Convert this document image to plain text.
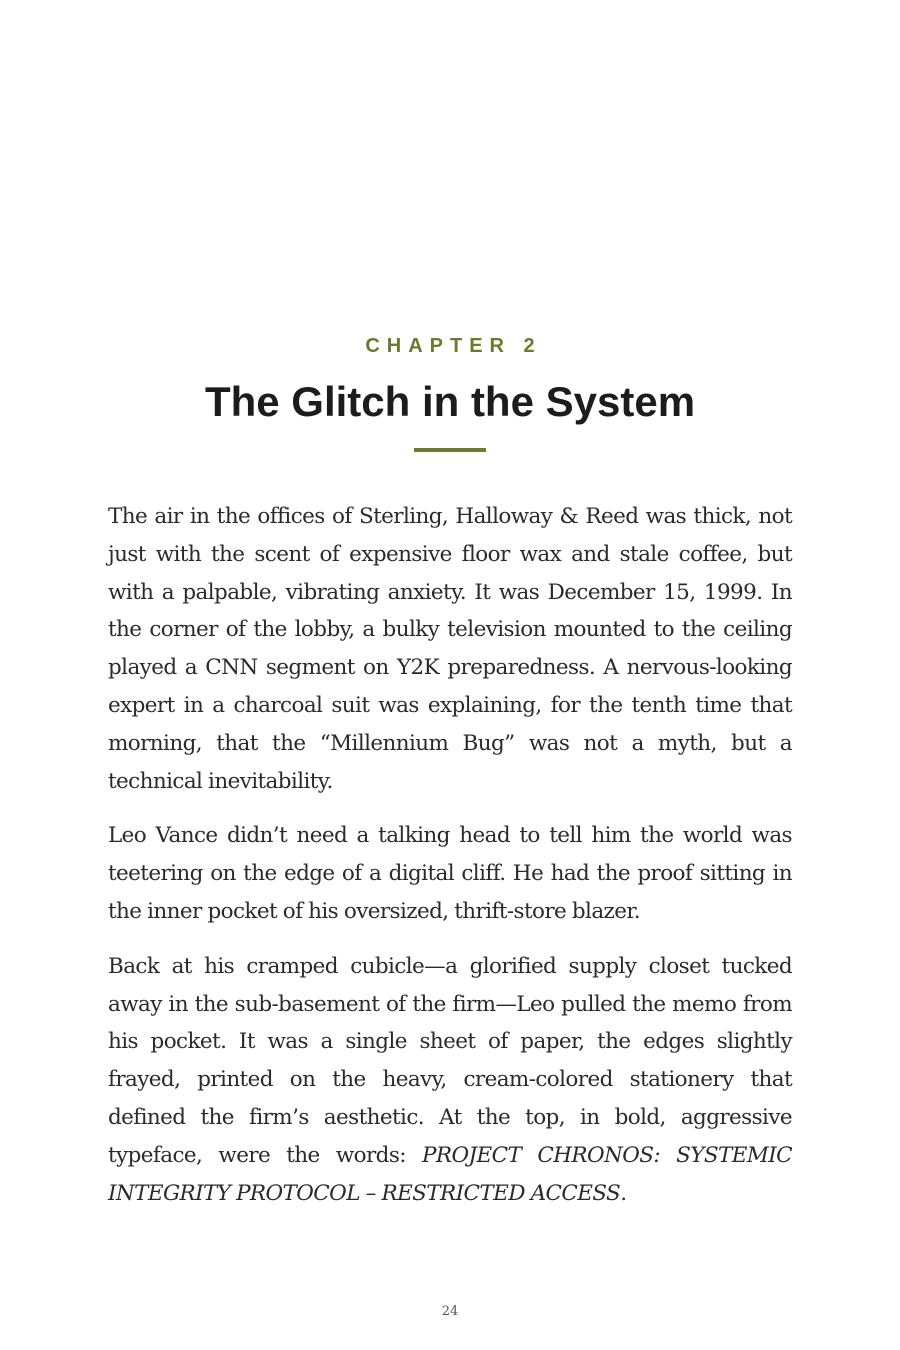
CHAPTER 2
The Glitch in the System

The air in the offices of Sterling, Halloway & Reed was thick, not just with the scent of expensive floor wax and stale coffee, but with a palpable, vibrating anxiety. It was December 15, 1999. In the corner of the lobby, a bulky television mounted to the ceiling played a CNN segment on Y2K preparedness. A nervous-looking expert in a charcoal suit was explaining, for the tenth time that morning, that the “Millennium Bug” was not a myth, but a technical inevitability.

Leo Vance didn’t need a talking head to tell him the world was teetering on the edge of a digital cliff. He had the proof sitting in the inner pocket of his oversized, thrift-store blazer.

Back at his cramped cubicle—a glorified supply closet tucked away in the sub-basement of the firm—Leo pulled the memo from his pocket. It was a single sheet of paper, the edges slightly frayed, printed on the heavy, cream-colored stationery that defined the firm’s aesthetic. At the top, in bold, aggressive typeface, were the words: PROJECT CHRONOS: SYSTEMIC INTEGRITY PROTOCOL – RESTRICTED ACCESS.

24
